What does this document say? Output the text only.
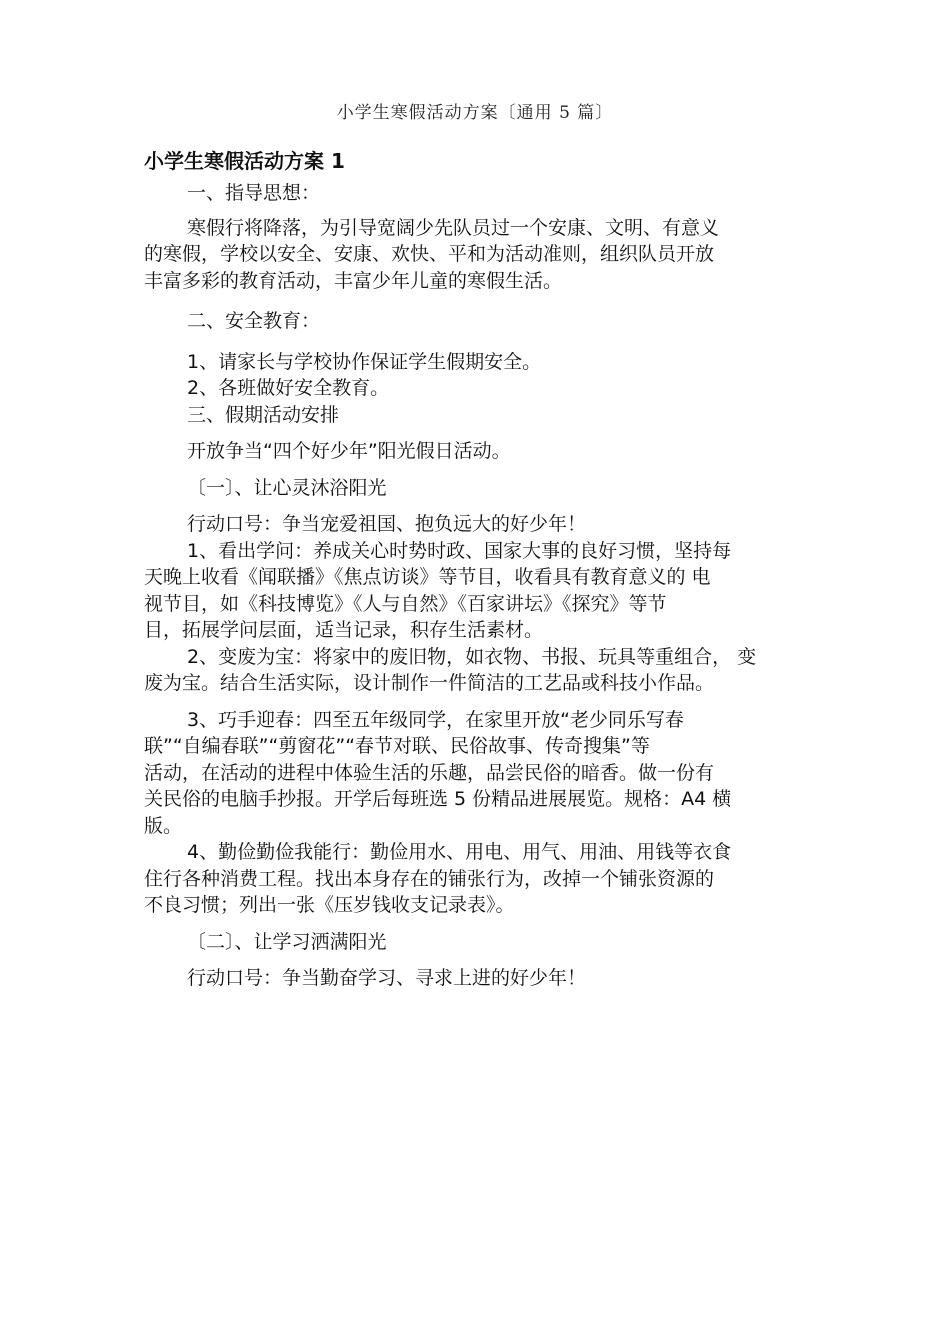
小学生寒假活动方案〔通用 5 篇〕
小学生寒假活动方案 1

一、指导思想：

寒假行将降落，为引导宽阔少先队员过一个安康、文明、有意义
的寒假，学校以安全、安康、欢快、平和为活动准则，组织队员开放
丰富多彩的教育活动，丰富少年儿童的寒假生活。

二、安全教育：

1、请家长与学校协作保证学生假期安全。

2、各班做好安全教育。

三、假期活动安排

开放争当“四个好少年”阳光假日活动。

〔一〕、让心灵沐浴阳光

行动口号：争当宠爱祖国、抱负远大的好少年！

1、看出学问：养成关心时势时政、国家大事的良好习惯，坚持每
天晚上收看《闻联播》《焦点访谈》等节目，收看具有教育意义的 电
视节目，如《科技博览》《人与自然》《百家讲坛》《探究》等节
目，拓展学问层面，适当记录，积存生活素材。

2、变废为宝：将家中的废旧物，如衣物、书报、玩具等重组合， 变
废为宝。结合生活实际，设计制作一件简洁的工艺品或科技小作品。

3、巧手迎春：四至五年级同学，在家里开放“老少同乐写春
联”“自编春联”“剪窗花”“春节对联、民俗故事、传奇搜集”等
活动，在活动的进程中体验生活的乐趣，品尝民俗的暗香。做一份有
关民俗的电脑手抄报。开学后每班选 5 份精品进展展览。规格：A4 横
版。

4、勤俭勤俭我能行：勤俭用水、用电、用气、用油、用钱等衣食
住行各种消费工程。找出本身存在的铺张行为，改掉一个铺张资源的
不良习惯；列出一张《压岁钱收支记录表》。

〔二〕、让学习洒满阳光

行动口号：争当勤奋学习、寻求上进的好少年！
